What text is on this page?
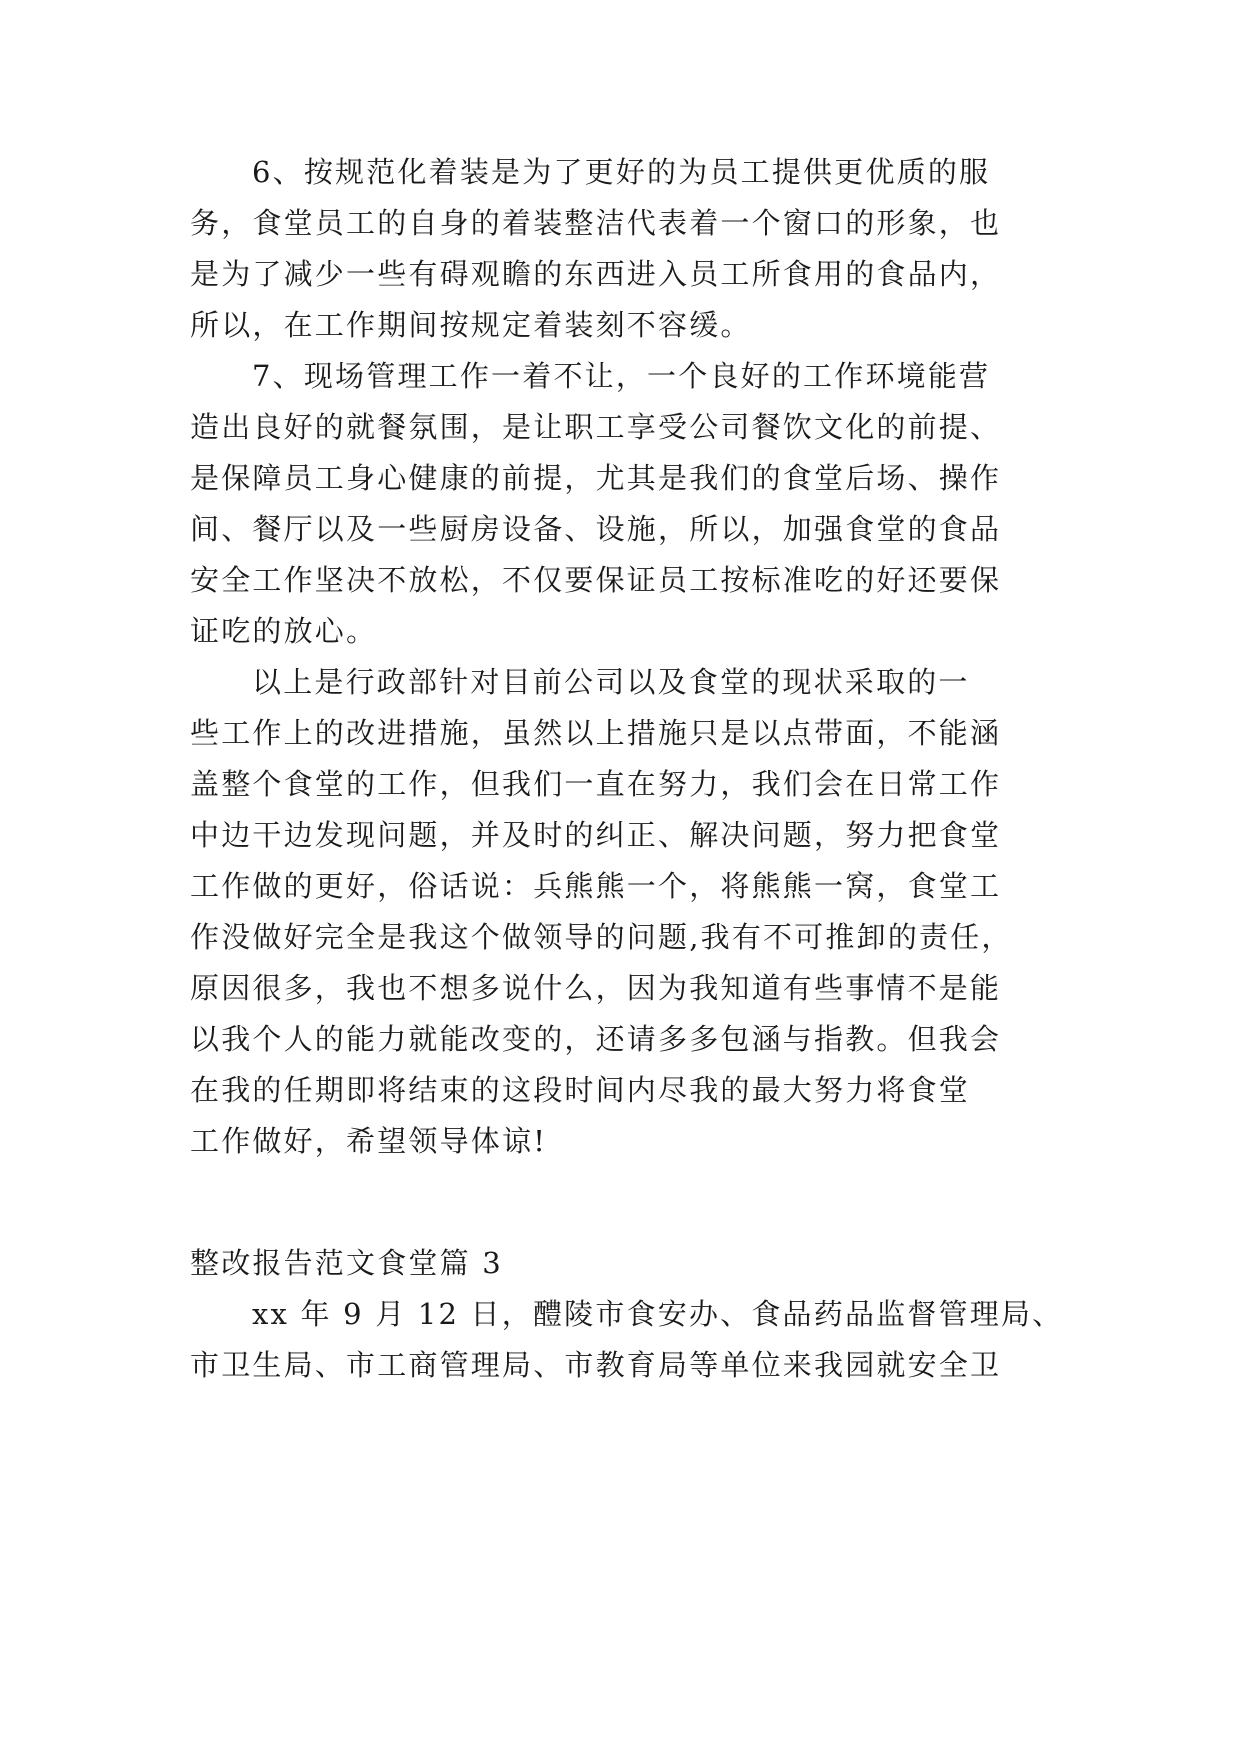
6、按规范化着装是为了更好的为员工提供更优质的服
务，食堂员工的自身的着装整洁代表着一个窗口的形象，也
是为了减少一些有碍观瞻的东西进入员工所食用的食品内，
所以，在工作期间按规定着装刻不容缓。
7、现场管理工作一着不让，一个良好的工作环境能营
造出良好的就餐氛围，是让职工享受公司餐饮文化的前提、
是保障员工身心健康的前提，尤其是我们的食堂后场、操作
间、餐厅以及一些厨房设备、设施，所以，加强食堂的食品
安全工作坚决不放松，不仅要保证员工按标准吃的好还要保
证吃的放心。
以上是行政部针对目前公司以及食堂的现状采取的一
些工作上的改进措施，虽然以上措施只是以点带面，不能涵
盖整个食堂的工作，但我们一直在努力，我们会在日常工作
中边干边发现问题，并及时的纠正、解决问题，努力把食堂
工作做的更好，俗话说：兵熊熊一个，将熊熊一窝，食堂工
作没做好完全是我这个做领导的问题,我有不可推卸的责任，
原因很多，我也不想多说什么，因为我知道有些事情不是能
以我个人的能力就能改变的，还请多多包涵与指教。但我会
在我的任期即将结束的这段时间内尽我的最大努力将食堂
工作做好，希望领导体谅!
整改报告范文食堂篇 3
xx 年 9 月 12 日，醴陵市食安办、食品药品监督管理局、
市卫生局、市工商管理局、市教育局等单位来我园就安全卫
